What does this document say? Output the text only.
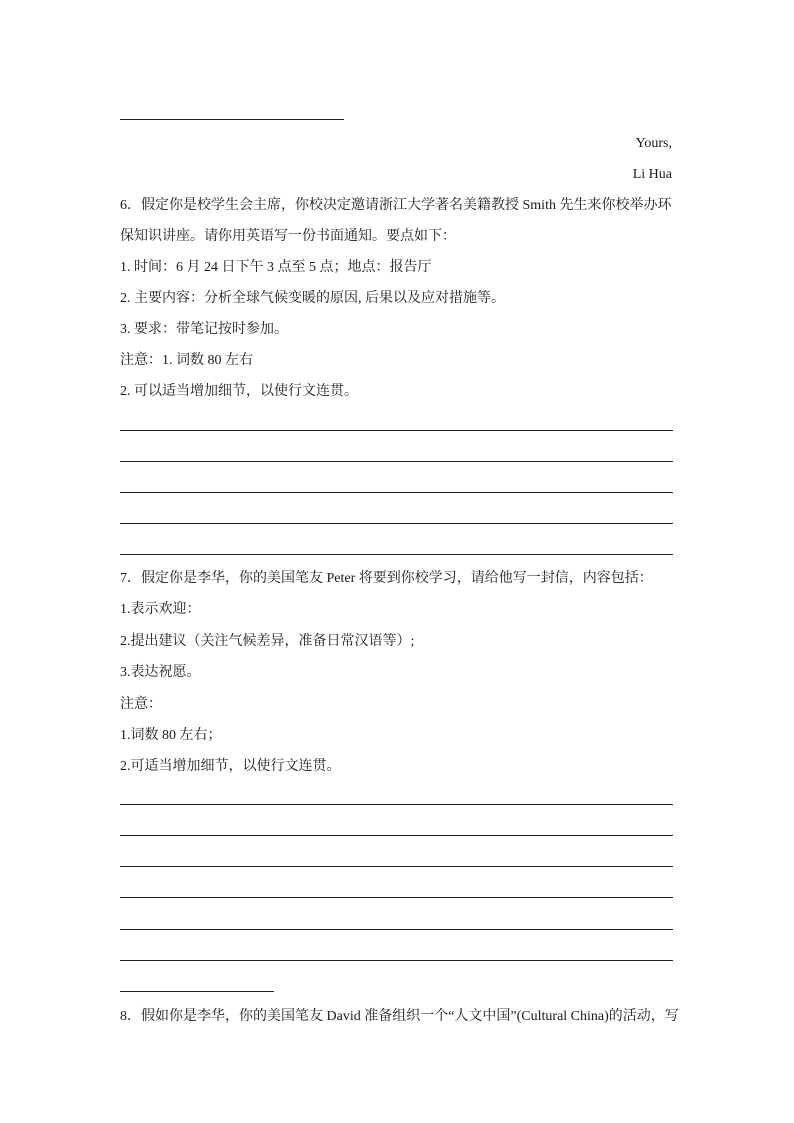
Yours,
Li Hua
6．假定你是校学生会主席，你校决定邀请浙江大学著名美籍教授 Smith 先生来你校举办环
保知识讲座。请你用英语写一份书面通知。要点如下：
1. 时间：6 月 24 日下午 3 点至 5 点；地点：报告厅
2. 主要内容：分析全球气候变暖的原因, 后果以及应对措施等。
3. 要求：带笔记按时参加。
注意：1. 词数 80 左右
2. 可以适当增加细节，以使行文连贯。
7．假定你是李华，你的美国笔友 Peter 将要到你校学习，请给他写一封信，内容包括：
1.表示欢迎：
2.提出建议（关注气候差异，准备日常汉语等）;
3.表达祝愿。
注意：
1.词数 80 左右；
2.可适当增加细节，以使行文连贯。
8．假如你是李华，你的美国笔友 David 准备组织一个“人文中国”(Cultural China)的活动，写
